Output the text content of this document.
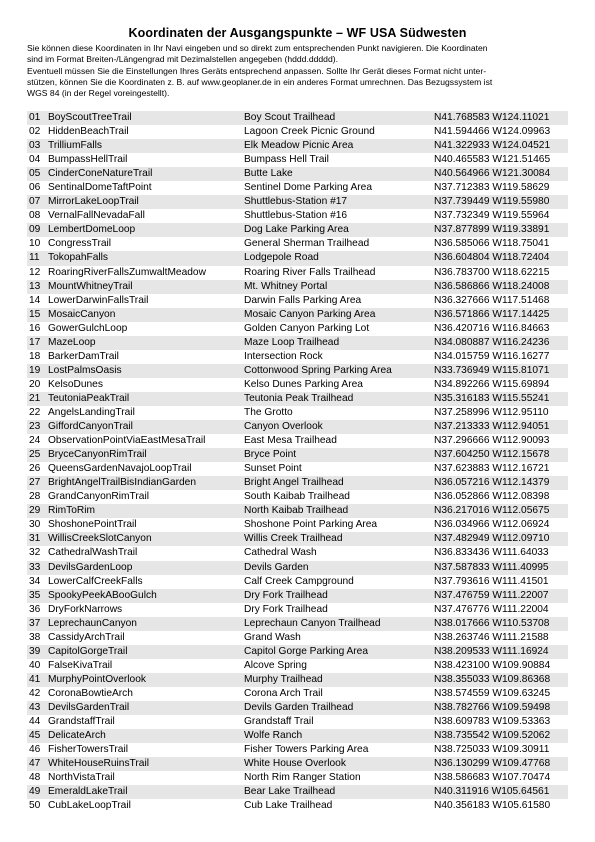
Koordinaten der Ausgangspunkte – WF USA Südwesten
Sie können diese Koordinaten in Ihr Navi eingeben und so direkt zum entsprechenden Punkt navigieren. Die Koordinaten
sind im Format Breiten-/Längengrad mit Dezimalstellen angegeben (hddd.ddddd).
Eventuell müssen Sie die Einstellungen Ihres Geräts entsprechend anpassen. Sollte Ihr Gerät dieses Format nicht unter-
stützen, können Sie die Koordinaten z. B. auf www.geoplaner.de in ein anderes Format umrechnen. Das Bezugssystem ist
WGS 84 (in der Regel voreingestellt).
01	BoyScoutTreeTrail	Boy Scout Trailhead	N41.768583 W124.11021
02	HiddenBeachTrail	Lagoon Creek Picnic Ground	N41.594466 W124.09963
03	TrilliumFalls	Elk Meadow Picnic Area	N41.322933 W124.04521
04	BumpassHellTrail	Bumpass Hell Trail	N40.465583 W121.51465
05	CinderConeNatureTrail	Butte Lake	N40.564966 W121.30084
06	SentinalDomeTaftPoint	Sentinel Dome Parking Area	N37.712383 W119.58629
07	MirrorLakeLoopTrail	Shuttlebus-Station #17	N37.739449 W119.55980
08	VernalFallNevadaFall	Shuttlebus-Station #16	N37.732349 W119.55964
09	LembertDomeLoop	Dog Lake Parking Area	N37.877899 W119.33891
10	CongressTrail	General Sherman Trailhead	N36.585066 W118.75041
11	TokopahFalls	Lodgepole Road	N36.604804 W118.72404
12	RoaringRiverFallsZumwaltMeadow	Roaring River Falls Trailhead	N36.783700 W118.62215
13	MountWhitneyTrail	Mt. Whitney Portal	N36.586866 W118.24008
14	LowerDarwinFallsTrail	Darwin Falls Parking Area	N36.327666 W117.51468
15	MosaicCanyon	Mosaic Canyon Parking Area	N36.571866 W117.14425
16	GowerGulchLoop	Golden Canyon Parking Lot	N36.420716 W116.84663
17	MazeLoop	Maze Loop Trailhead	N34.080887 W116.24236
18	BarkerDamTrail	Intersection Rock	N34.015759 W116.16277
19	LostPalmsOasis	Cottonwood Spring Parking Area	N33.736949 W115.81071
20	KelsoDunes	Kelso Dunes Parking Area	N34.892266 W115.69894
21	TeutoniaPeakTrail	Teutonia Peak Trailhead	N35.316183 W115.55241
22	AngelsLandingTrail	The Grotto	N37.258996 W112.95110
23	GiffordCanyonTrail	Canyon Overlook	N37.213333 W112.94051
24	ObservationPointViaEastMesaTrail	East Mesa Trailhead	N37.296666 W112.90093
25	BryceCanyonRimTrail	Bryce Point	N37.604250 W112.15678
26	QueensGardenNavajoLoopTrail	Sunset Point	N37.623883 W112.16721
27	BrightAngelTrailBisIndianGarden	Bright Angel Trailhead	N36.057216 W112.14379
28	GrandCanyonRimTrail	South Kaibab Trailhead	N36.052866 W112.08398
29	RimToRim	North Kaibab Trailhead	N36.217016 W112.05675
30	ShoshonePointTrail	Shoshone Point Parking Area	N36.034966 W112.06924
31	WillisCreekSlotCanyon	Willis Creek Trailhead	N37.482949 W112.09710
32	CathedralWashTrail	Cathedral Wash	N36.833436 W111.64033
33	DevilsGardenLoop	Devils Garden	N37.587833 W111.40995
34	LowerCalfCreekFalls	Calf Creek Campground	N37.793616 W111.41501
35	SpookyPeekABooGulch	Dry Fork Trailhead	N37.476759 W111.22007
36	DryForkNarrows	Dry Fork Trailhead	N37.476776 W111.22004
37	LeprechaunCanyon	Leprechaun Canyon Trailhead	N38.017666 W110.53708
38	CassidyArchTrail	Grand Wash	N38.263746 W111.21588
39	CapitolGorgeTrail	Capitol Gorge Parking Area	N38.209533 W111.16924
40	FalseKivaTrail	Alcove Spring	N38.423100 W109.90884
41	MurphyPointOverlook	Murphy Trailhead	N38.355033 W109.86368
42	CoronaBowtieArch	Corona Arch Trail	N38.574559 W109.63245
43	DevilsGardenTrail	Devils Garden Trailhead	N38.782766 W109.59498
44	GrandstaffTrail	Grandstaff Trail	N38.609783 W109.53363
45	DelicateArch	Wolfe Ranch	N38.735542 W109.52062
46	FisherTowersTrail	Fisher Towers Parking Area	N38.725033 W109.30911
47	WhiteHouseRuinsTrail	White House Overlook	N36.130299 W109.47768
48	NorthVistaTrail	North Rim Ranger Station	N38.586683 W107.70474
49	EmeraldLakeTrail	Bear Lake Trailhead	N40.311916 W105.64561
50	CubLakeLoopTrail	Cub Lake Trailhead	N40.356183 W105.61580
